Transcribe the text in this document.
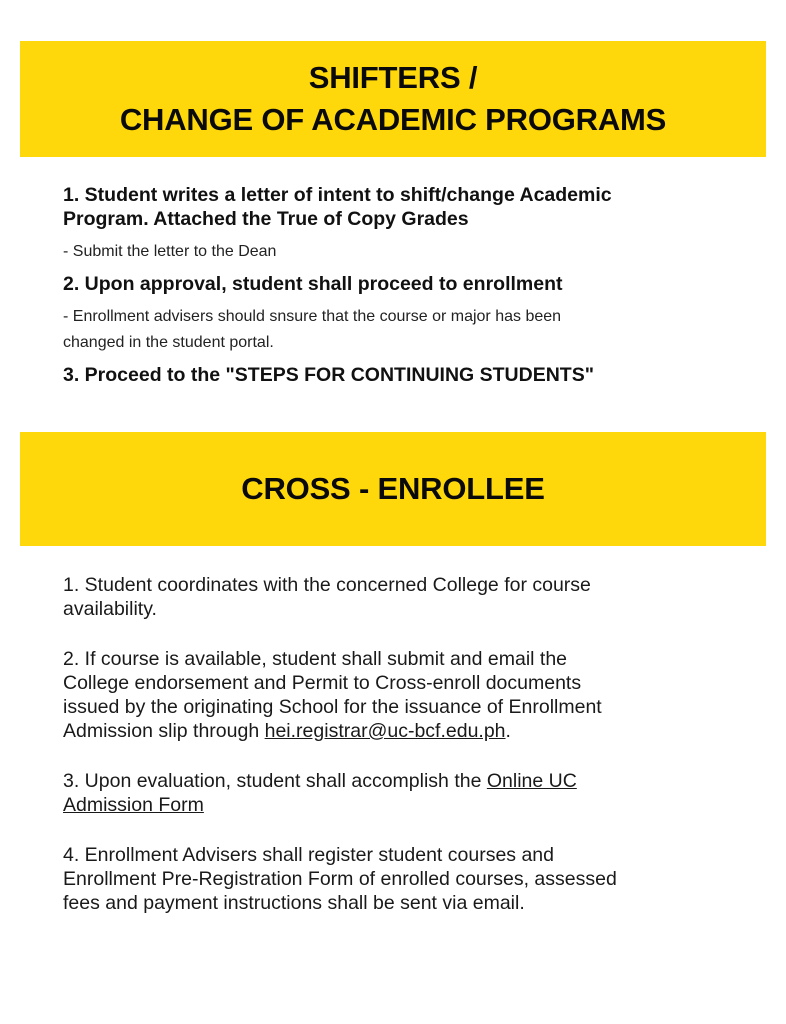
SHIFTERS /
CHANGE OF ACADEMIC PROGRAMS

1. Student writes a letter of intent to shift/change Academic
Program. Attached the True of Copy Grades

- Submit the letter to the Dean

2. Upon approval, student shall proceed to enrollment

- Enrollment advisers should snsure that the course or major has been
changed in the student portal.

3. Proceed to the "STEPS FOR CONTINUING STUDENTS"

CROSS - ENROLLEE

1. Student coordinates with the concerned College for course
availability.

2. If course is available, student shall submit and email the
College endorsement and Permit to Cross-enroll documents
issued by the originating School for the issuance of Enrollment
Admission slip through hei.registrar@uc-bcf.edu.ph.

3. Upon evaluation, student shall accomplish the Online UC
Admission Form

4. Enrollment Advisers shall register student courses and
Enrollment Pre-Registration Form of enrolled courses, assessed
fees and payment instructions shall be sent via email.
